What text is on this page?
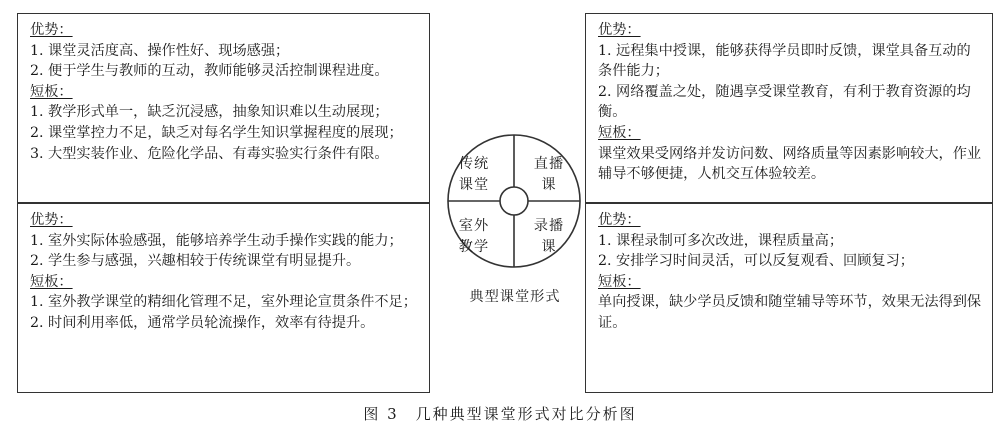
优势：

1. 课堂灵活度高、操作性好、现场感强；

2. 便于学生与教师的互动，教师能够灵活控制课程进度。

短板：

1. 教学形式单一，缺乏沉浸感，抽象知识难以生动展现；

2. 课堂掌控力不足，缺乏对每名学生知识掌握程度的展现；

3. 大型实装作业、危险化学品、有毒实验实行条件有限。

优势：

1. 室外实际体验感强，能够培养学生动手操作实践的能力；

2. 学生参与感强，兴趣相较于传统课堂有明显提升。

短板：

1. 室外教学课堂的精细化管理不足，室外理论宣贯条件不足；

2. 时间利用率低，通常学员轮流操作，效率有待提升。

优势：

1. 远程集中授课，能够获得学员即时反馈，课堂具备互动的条件能力；

2. 网络覆盖之处，随遇享受课堂教育，有利于教育资源的均衡。

短板：

课堂效果受网络并发访问数、网络质量等因素影响较大，作业辅导不够便捷，人机交互体验较差。

优势：

1. 课程录制可多次改进，课程质量高；

2. 安排学习时间灵活，可以反复观看、回顾复习；

短板：

单向授课，缺少学员反馈和随堂辅导等环节，效果无法得到保证。

传统课堂
直播课
室外教学
录播课
典型课堂形式
图 3　几种典型课堂形式对比分析图
